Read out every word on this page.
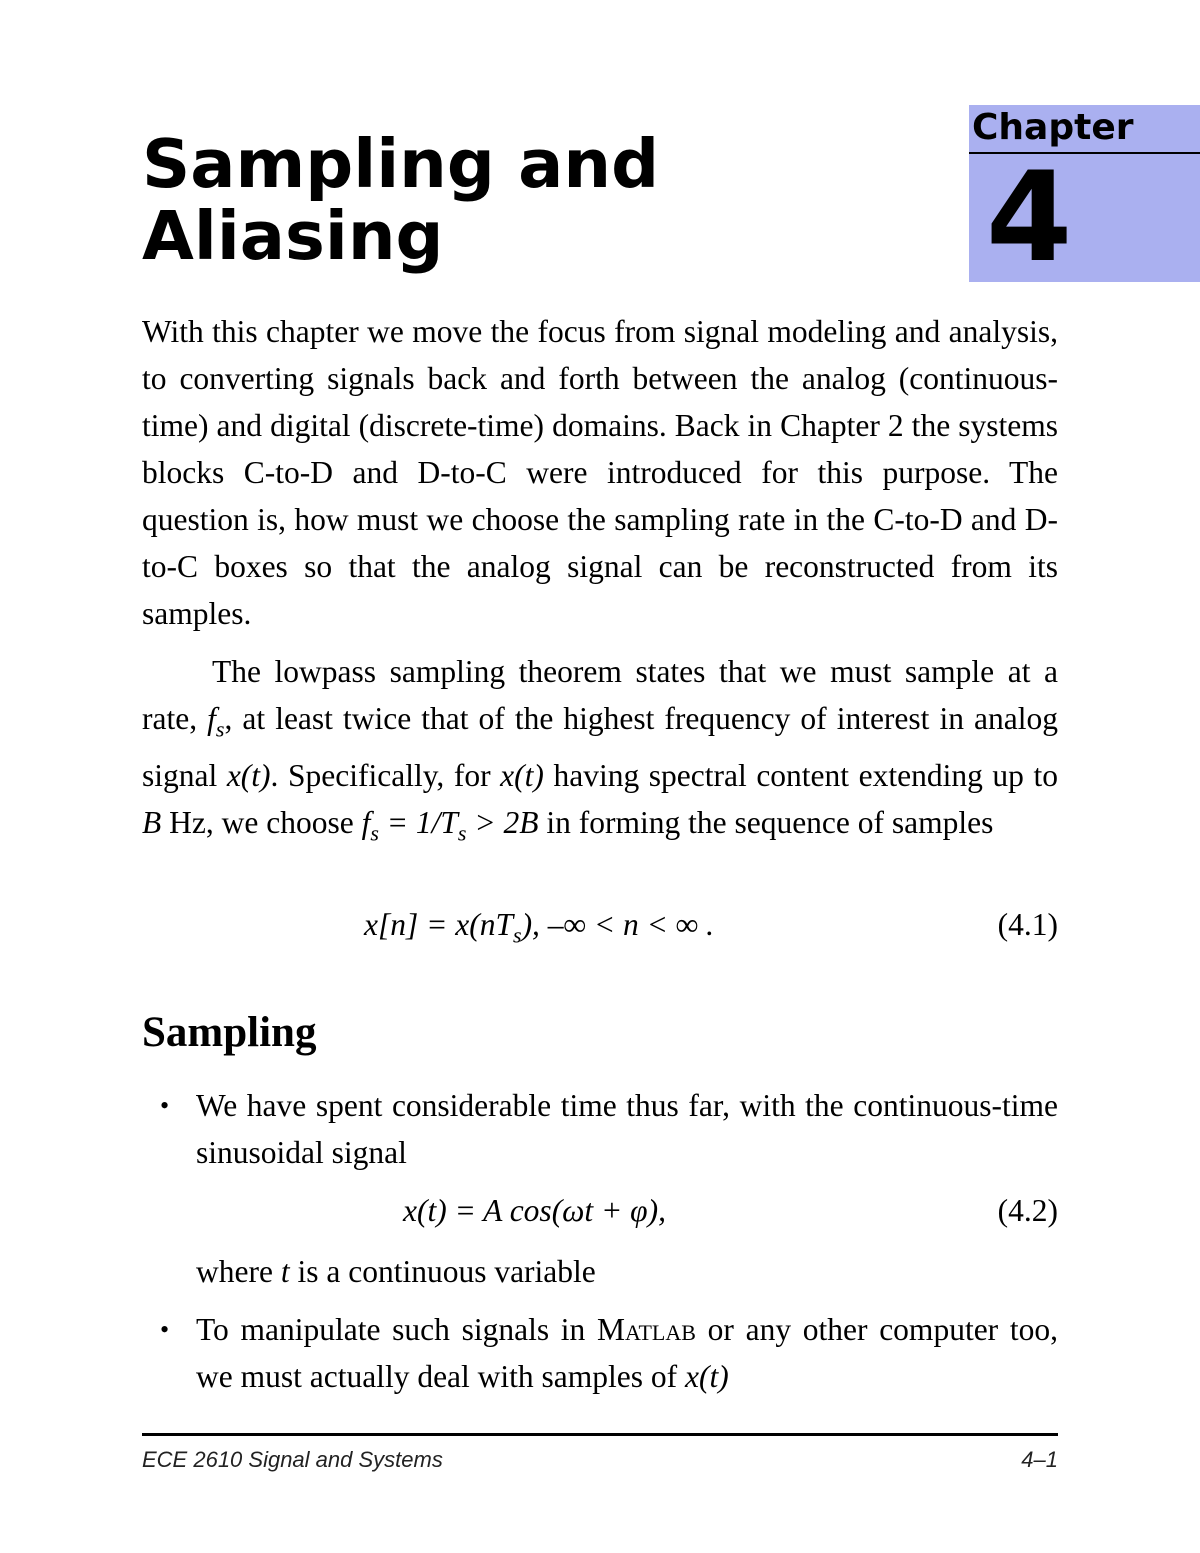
Chapter
4
Sampling and
Aliasing

With this chapter we move the focus from signal modeling and analysis, to converting signals back and forth between the analog (continuous-time) and digital (discrete-time) domains. Back in Chapter 2 the systems blocks C-to-D and D-to-C were introduced for this purpose. The question is, how must we choose the sampling rate in the C-to-D and D-to-C boxes so that the analog signal can be reconstructed from its samples.

The lowpass sampling theorem states that we must sample at a rate, $f_s$, at least twice that of the highest frequency of interest in analog signal x(t). Specifically, for x(t) having spectral content extending up to B Hz, we choose $f_s = 1/T_s > 2B$ in forming the sequence of samples

$x[n] = x(nT_s)$, –∞ < n < ∞ .	(4.1)
Sampling
• We have spent considerable time thus far, with the continuous-time sinusoidal signal

x(t) = A cos(ωt + φ),	(4.2)

where t is a continuous variable

• To manipulate such signals in Matlab or any other computer too, we must actually deal with samples of x(t)

ECE 2610 Signal and Systems	4–1
